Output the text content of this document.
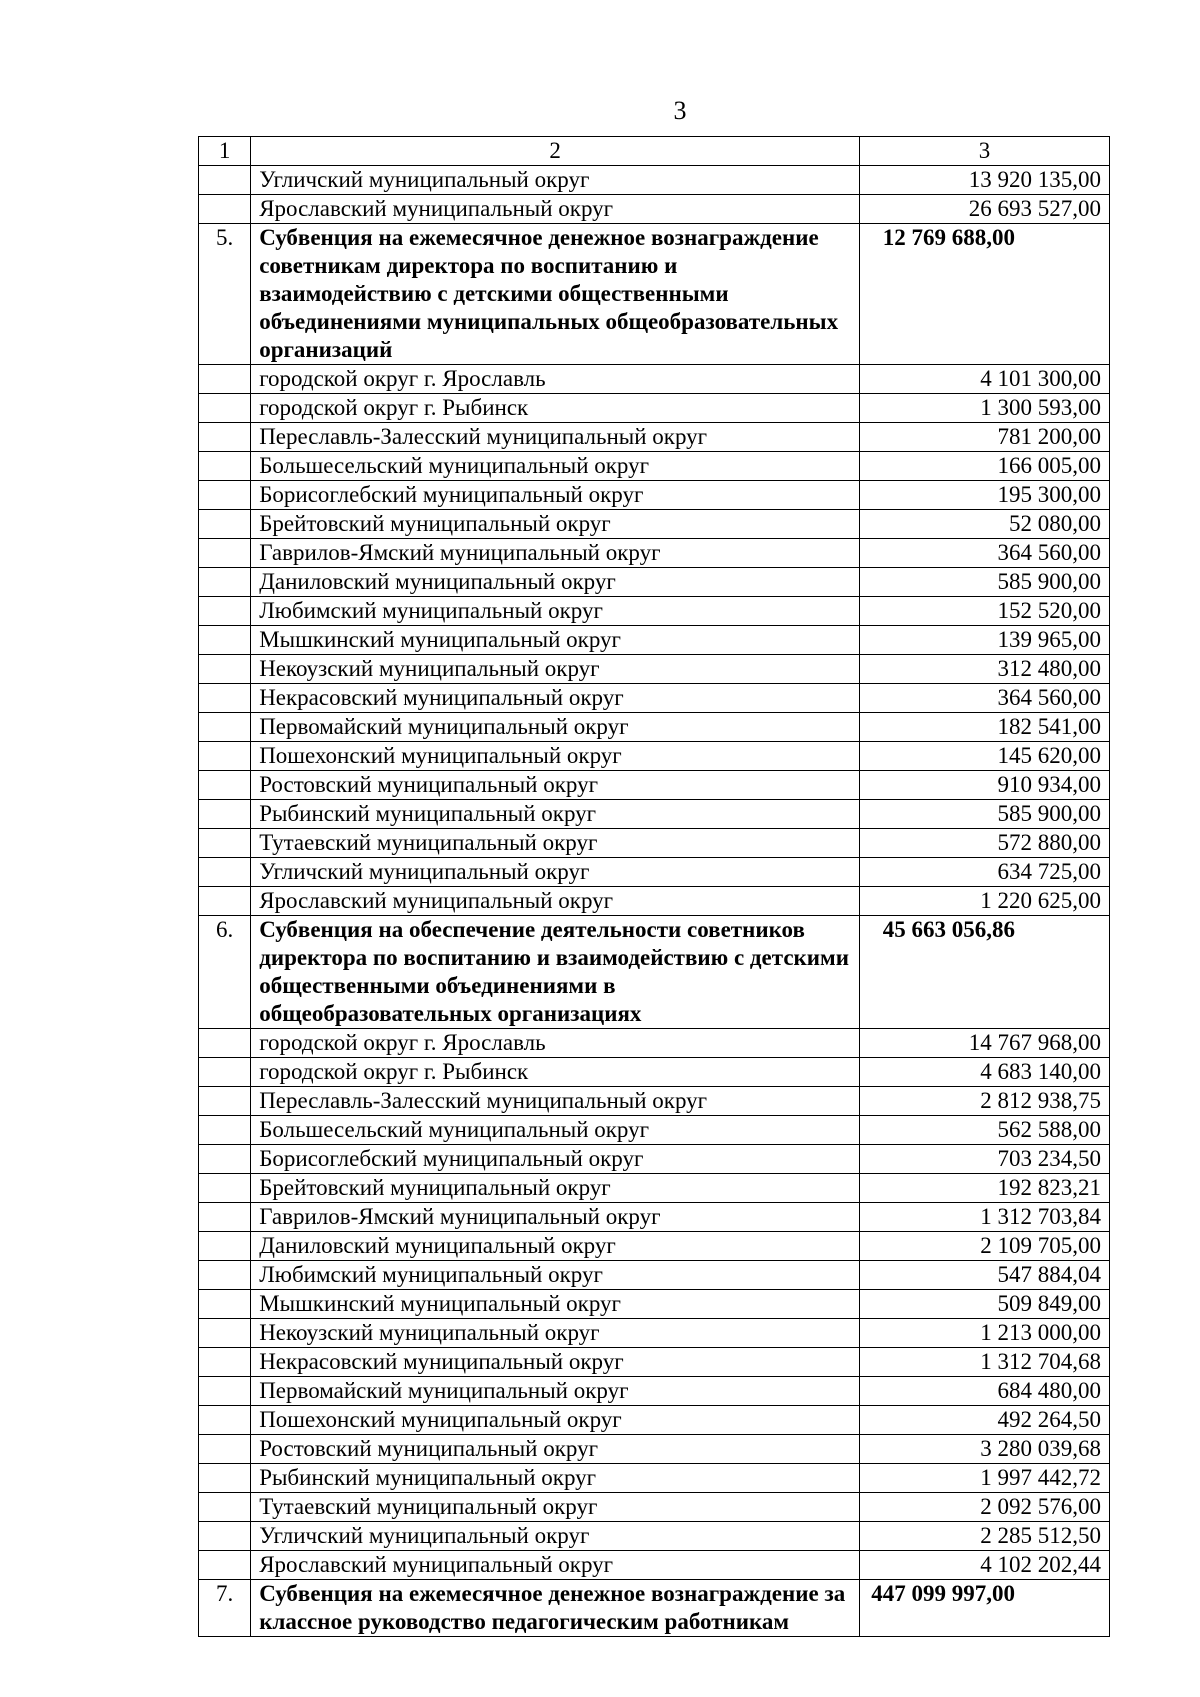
3
1	2	3
	Угличский муниципальный округ	13 920 135,00
	Ярославский муниципальный округ	26 693 527,00
5.	Субвенция на ежемесячное денежное вознаграждение советникам директора по воспитанию и взаимодействию с детскими общественными объединениями муниципальных общеобразовательных организаций	12 769 688,00
	городской округ г. Ярославль	4 101 300,00
	городской округ г. Рыбинск	1 300 593,00
	Переславль-Залесский муниципальный округ	781 200,00
	Большесельский муниципальный округ	166 005,00
	Борисоглебский муниципальный округ	195 300,00
	Брейтовский муниципальный округ	52 080,00
	Гаврилов-Ямский муниципальный округ	364 560,00
	Даниловский муниципальный округ	585 900,00
	Любимский муниципальный округ	152 520,00
	Мышкинский муниципальный округ	139 965,00
	Некоузский муниципальный округ	312 480,00
	Некрасовский муниципальный округ	364 560,00
	Первомайский муниципальный округ	182 541,00
	Пошехонский муниципальный округ	145 620,00
	Ростовский муниципальный округ	910 934,00
	Рыбинский муниципальный округ	585 900,00
	Тутаевский муниципальный округ	572 880,00
	Угличский муниципальный округ	634 725,00
	Ярославский муниципальный округ	1 220 625,00
6.	Субвенция на обеспечение деятельности советников директора по воспитанию и взаимодействию с детскими общественными объединениями в общеобразовательных организациях	45 663 056,86
	городской округ г. Ярославль	14 767 968,00
	городской округ г. Рыбинск	4 683 140,00
	Переславль-Залесский муниципальный округ	2 812 938,75
	Большесельский муниципальный округ	562 588,00
	Борисоглебский муниципальный округ	703 234,50
	Брейтовский муниципальный округ	192 823,21
	Гаврилов-Ямский муниципальный округ	1 312 703,84
	Даниловский муниципальный округ	2 109 705,00
	Любимский муниципальный округ	547 884,04
	Мышкинский муниципальный округ	509 849,00
	Некоузский муниципальный округ	1 213 000,00
	Некрасовский муниципальный округ	1 312 704,68
	Первомайский муниципальный округ	684 480,00
	Пошехонский муниципальный округ	492 264,50
	Ростовский муниципальный округ	3 280 039,68
	Рыбинский муниципальный округ	1 997 442,72
	Тутаевский муниципальный округ	2 092 576,00
	Угличский муниципальный округ	2 285 512,50
	Ярославский муниципальный округ	4 102 202,44
7.	Субвенция на ежемесячное денежное вознаграждение за классное руководство педагогическим работникам	447 099 997,00
